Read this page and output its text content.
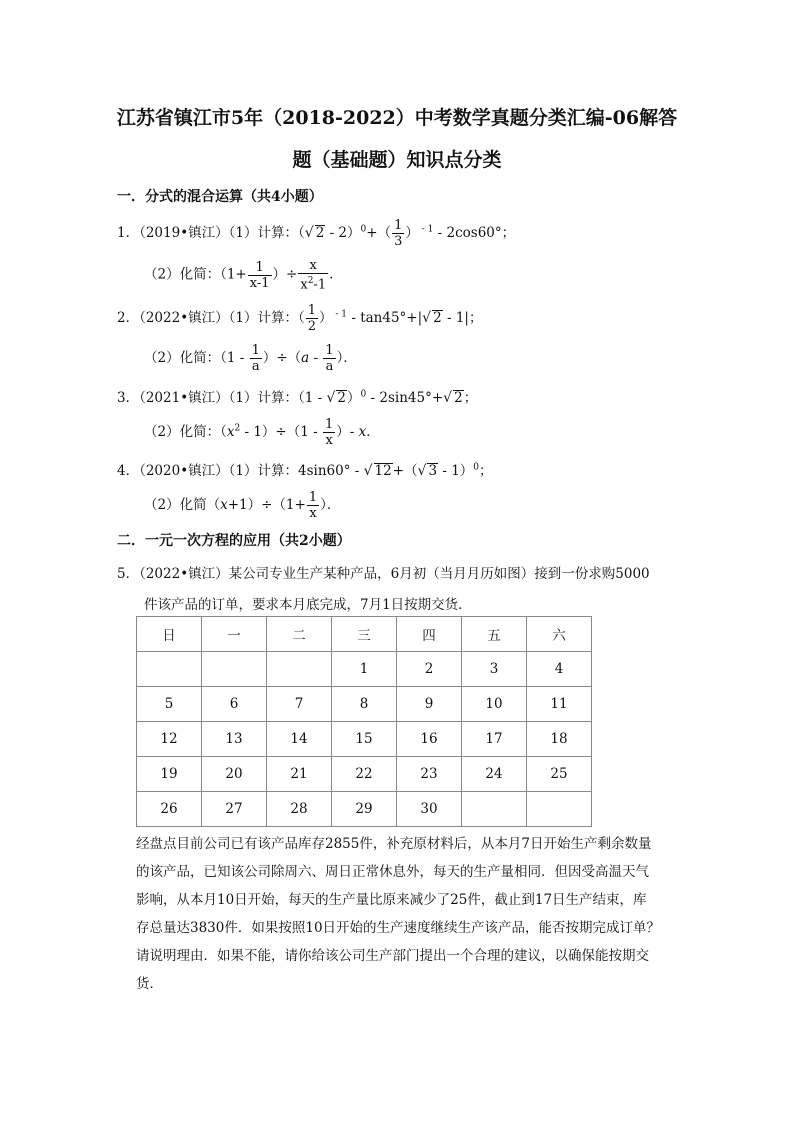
江苏省镇江市5年（2018-2022）中考数学真题分类汇编-06解答
题（基础题）知识点分类
一．分式的混合运算（共4小题）
1．（2019•镇江）（1）计算：（√ $2 - 2)^0+( \frac{1}{3}$ ） $^{- 1}$ - 2cos60°；
（2）化简：（$1+ \frac{1}{x-1}$ ）÷ $\frac{x}{x^2-1}$ ．
2．（2022•镇江）（1）计算：（ $\frac{1}{2}$ ） $^{- 1}$ - tan45°+|√ 2 - 1|；
（2）化简：$(1 - \frac{1}{a} )\div(a - \frac{1}{a}$ ）．
3．（2021•镇江）（1）计算：（1 - √ 2）$^0$ - 2sin45°+√ 2；
（2）化简：$(x^2 - 1)\div(1 - \frac{1}{x}$ ）- x．
4．（2020•镇江）（1）计算：4sin60° - √ 12+（√ 3 - 1）$^0$；
（2）化简$(x+1)\div(1+ \frac{1}{x}$ ）．
二．一元一次方程的应用（共2小题）
5．（2022•镇江）某公司专业生产某种产品，6月初（当月月历如图）接到一份求购5000
件该产品的订单，要求本月底完成，7月1日按期交货．
日	一	二	三	四	五	六
			1	2	3	4
5	6	7	8	9	10	11
12	13	14	15	16	17	18
19	20	21	22	23	24	25
26	27	28	29	30		
经盘点目前公司已有该产品库存2855件，补充原材料后，从本月7日开始生产剩余数量
的该产品，已知该公司除周六、周日正常休息外，每天的生产量相同．但因受高温天气
影响，从本月10日开始，每天的生产量比原来减少了25件，截止到17日生产结束，库
存总量达3830件．如果按照10日开始的生产速度继续生产该产品，能否按期完成订单？
请说明理由．如果不能，请你给该公司生产部门提出一个合理的建议，以确保能按期交
货．
